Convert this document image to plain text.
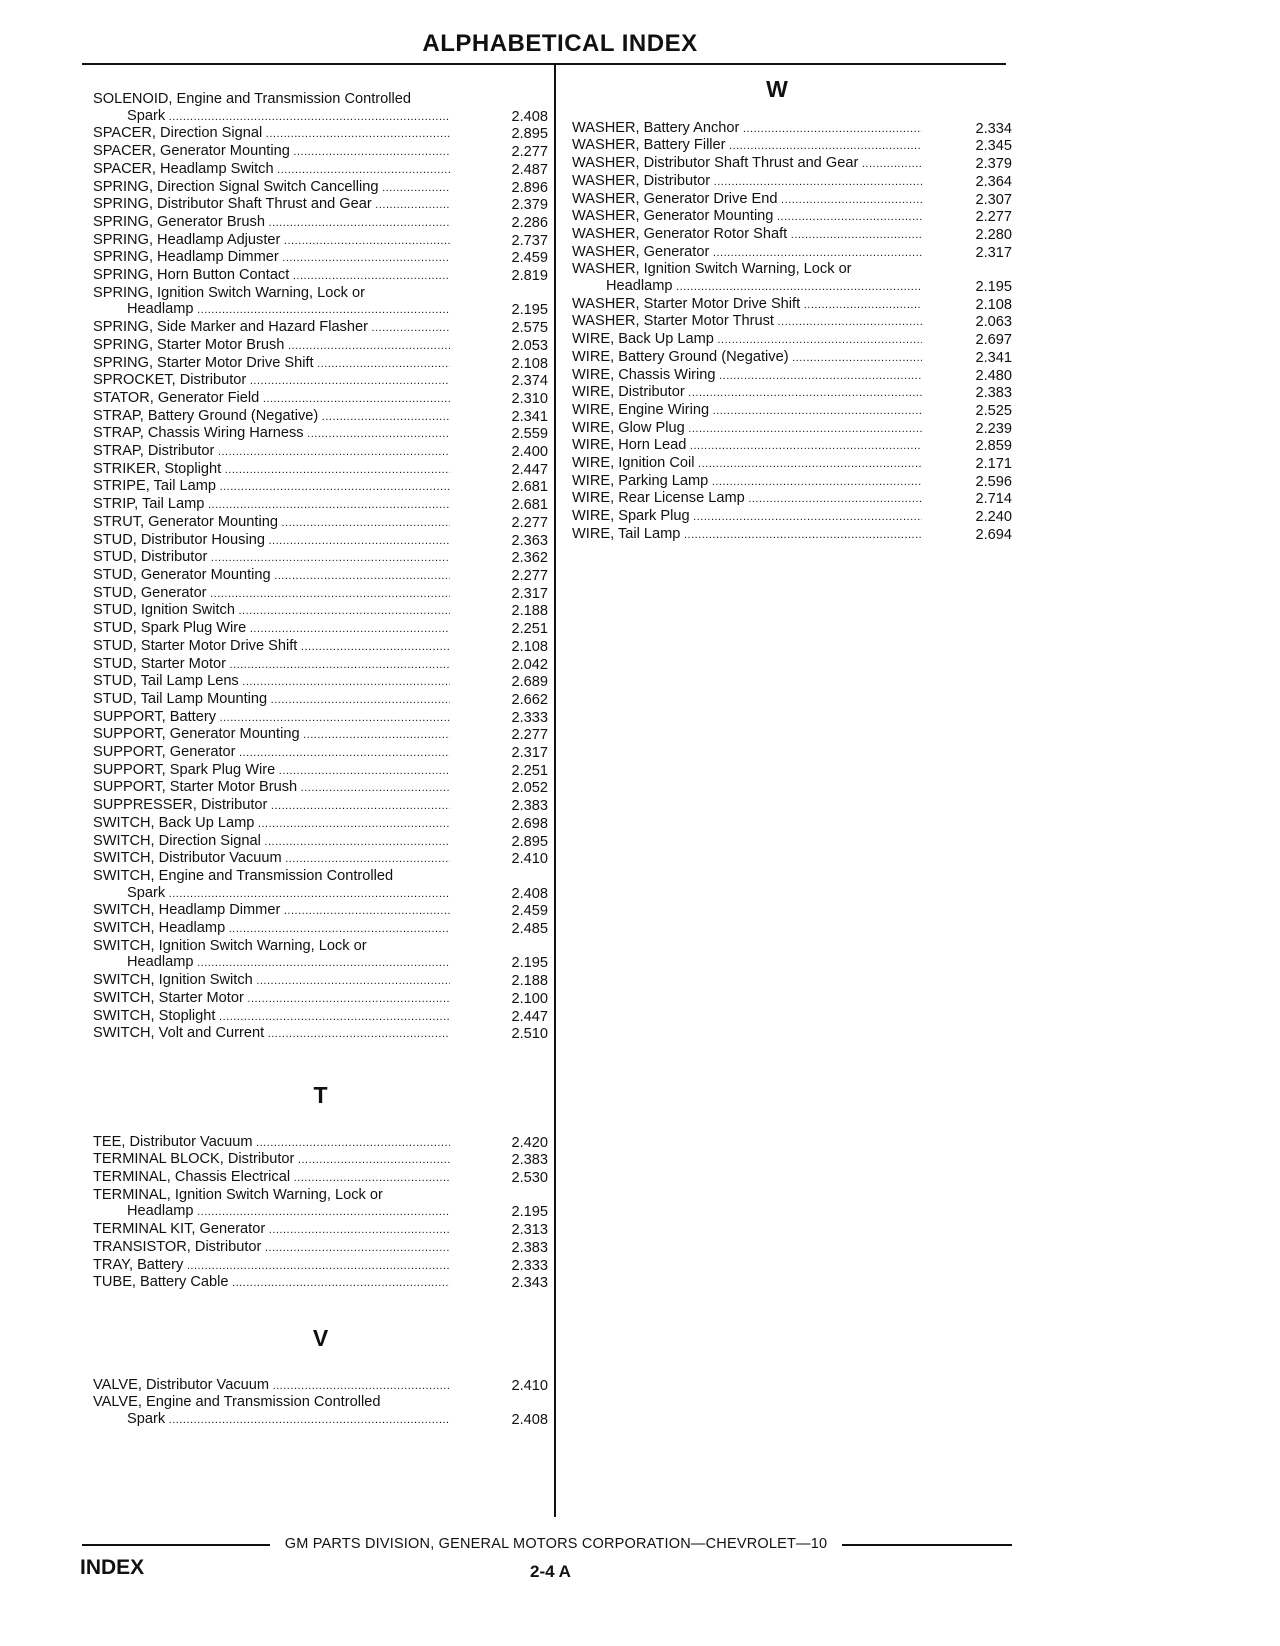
ALPHABETICAL INDEX
SOLENOID, Engine and Transmission Controlled
Spark .....	2.408
SPACER, Direction Signal .....	2.895
SPACER, Generator Mounting .....	2.277
SPACER, Headlamp Switch .....	2.487
SPRING, Direction Signal Switch Cancelling .....	2.896
SPRING, Distributor Shaft Thrust and Gear .....	2.379
SPRING, Generator Brush .....	2.286
SPRING, Headlamp Adjuster .....	2.737
SPRING, Headlamp Dimmer .....	2.459
SPRING, Horn Button Contact .....	2.819
SPRING, Ignition Switch Warning, Lock or
Headlamp .....	2.195
SPRING, Side Marker and Hazard Flasher .....	2.575
SPRING, Starter Motor Brush .....	2.053
SPRING, Starter Motor Drive Shift .....	2.108
SPROCKET, Distributor .....	2.374
STATOR, Generator Field .....	2.310
STRAP, Battery Ground (Negative) .....	2.341
STRAP, Chassis Wiring Harness .....	2.559
STRAP, Distributor .....	2.400
STRIKER, Stoplight .....	2.447
STRIPE, Tail Lamp .....	2.681
STRIP, Tail Lamp .....	2.681
STRUT, Generator Mounting .....	2.277
STUD, Distributor Housing .....	2.363
STUD, Distributor .....	2.362
STUD, Generator Mounting .....	2.277
STUD, Generator .....	2.317
STUD, Ignition Switch .....	2.188
STUD, Spark Plug Wire .....	2.251
STUD, Starter Motor Drive Shift .....	2.108
STUD, Starter Motor .....	2.042
STUD, Tail Lamp Lens .....	2.689
STUD, Tail Lamp Mounting .....	2.662
SUPPORT, Battery .....	2.333
SUPPORT, Generator Mounting .....	2.277
SUPPORT, Generator .....	2.317
SUPPORT, Spark Plug Wire .....	2.251
SUPPORT, Starter Motor Brush .....	2.052
SUPPRESSER, Distributor .....	2.383
SWITCH, Back Up Lamp .....	2.698
SWITCH, Direction Signal .....	2.895
SWITCH, Distributor Vacuum .....	2.410
SWITCH, Engine and Transmission Controlled
Spark .....	2.408
SWITCH, Headlamp Dimmer .....	2.459
SWITCH, Headlamp .....	2.485
SWITCH, Ignition Switch Warning, Lock or
Headlamp .....	2.195
SWITCH, Ignition Switch .....	2.188
SWITCH, Starter Motor .....	2.100
SWITCH, Stoplight .....	2.447
SWITCH, Volt and Current .....	2.510
T
TEE, Distributor Vacuum .....	2.420
TERMINAL BLOCK, Distributor .....	2.383
TERMINAL, Chassis Electrical .....	2.530
TERMINAL, Ignition Switch Warning, Lock or
Headlamp .....	2.195
TERMINAL KIT, Generator .....	2.313
TRANSISTOR, Distributor .....	2.383
TRAY, Battery .....	2.333
TUBE, Battery Cable .....	2.343
V
VALVE, Distributor Vacuum .....	2.410
VALVE, Engine and Transmission Controlled
Spark .....	2.408
W
WASHER, Battery Anchor .....	2.334
WASHER, Battery Filler .....	2.345
WASHER, Distributor Shaft Thrust and Gear .....	2.379
WASHER, Distributor .....	2.364
WASHER, Generator Drive End .....	2.307
WASHER, Generator Mounting .....	2.277
WASHER, Generator Rotor Shaft .....	2.280
WASHER, Generator .....	2.317
WASHER, Ignition Switch Warning, Lock or
Headlamp .....	2.195
WASHER, Starter Motor Drive Shift .....	2.108
WASHER, Starter Motor Thrust .....	2.063
WIRE, Back Up Lamp .....	2.697
WIRE, Battery Ground (Negative) .....	2.341
WIRE, Chassis Wiring .....	2.480
WIRE, Distributor .....	2.383
WIRE, Engine Wiring .....	2.525
WIRE, Glow Plug .....	2.239
WIRE, Horn Lead .....	2.859
WIRE, Ignition Coil .....	2.171
WIRE, Parking Lamp .....	2.596
WIRE, Rear License Lamp .....	2.714
WIRE, Spark Plug .....	2.240
WIRE, Tail Lamp .....	2.694
GM PARTS DIVISION, GENERAL MOTORS CORPORATION—CHEVROLET—10
INDEX	2-4 A
